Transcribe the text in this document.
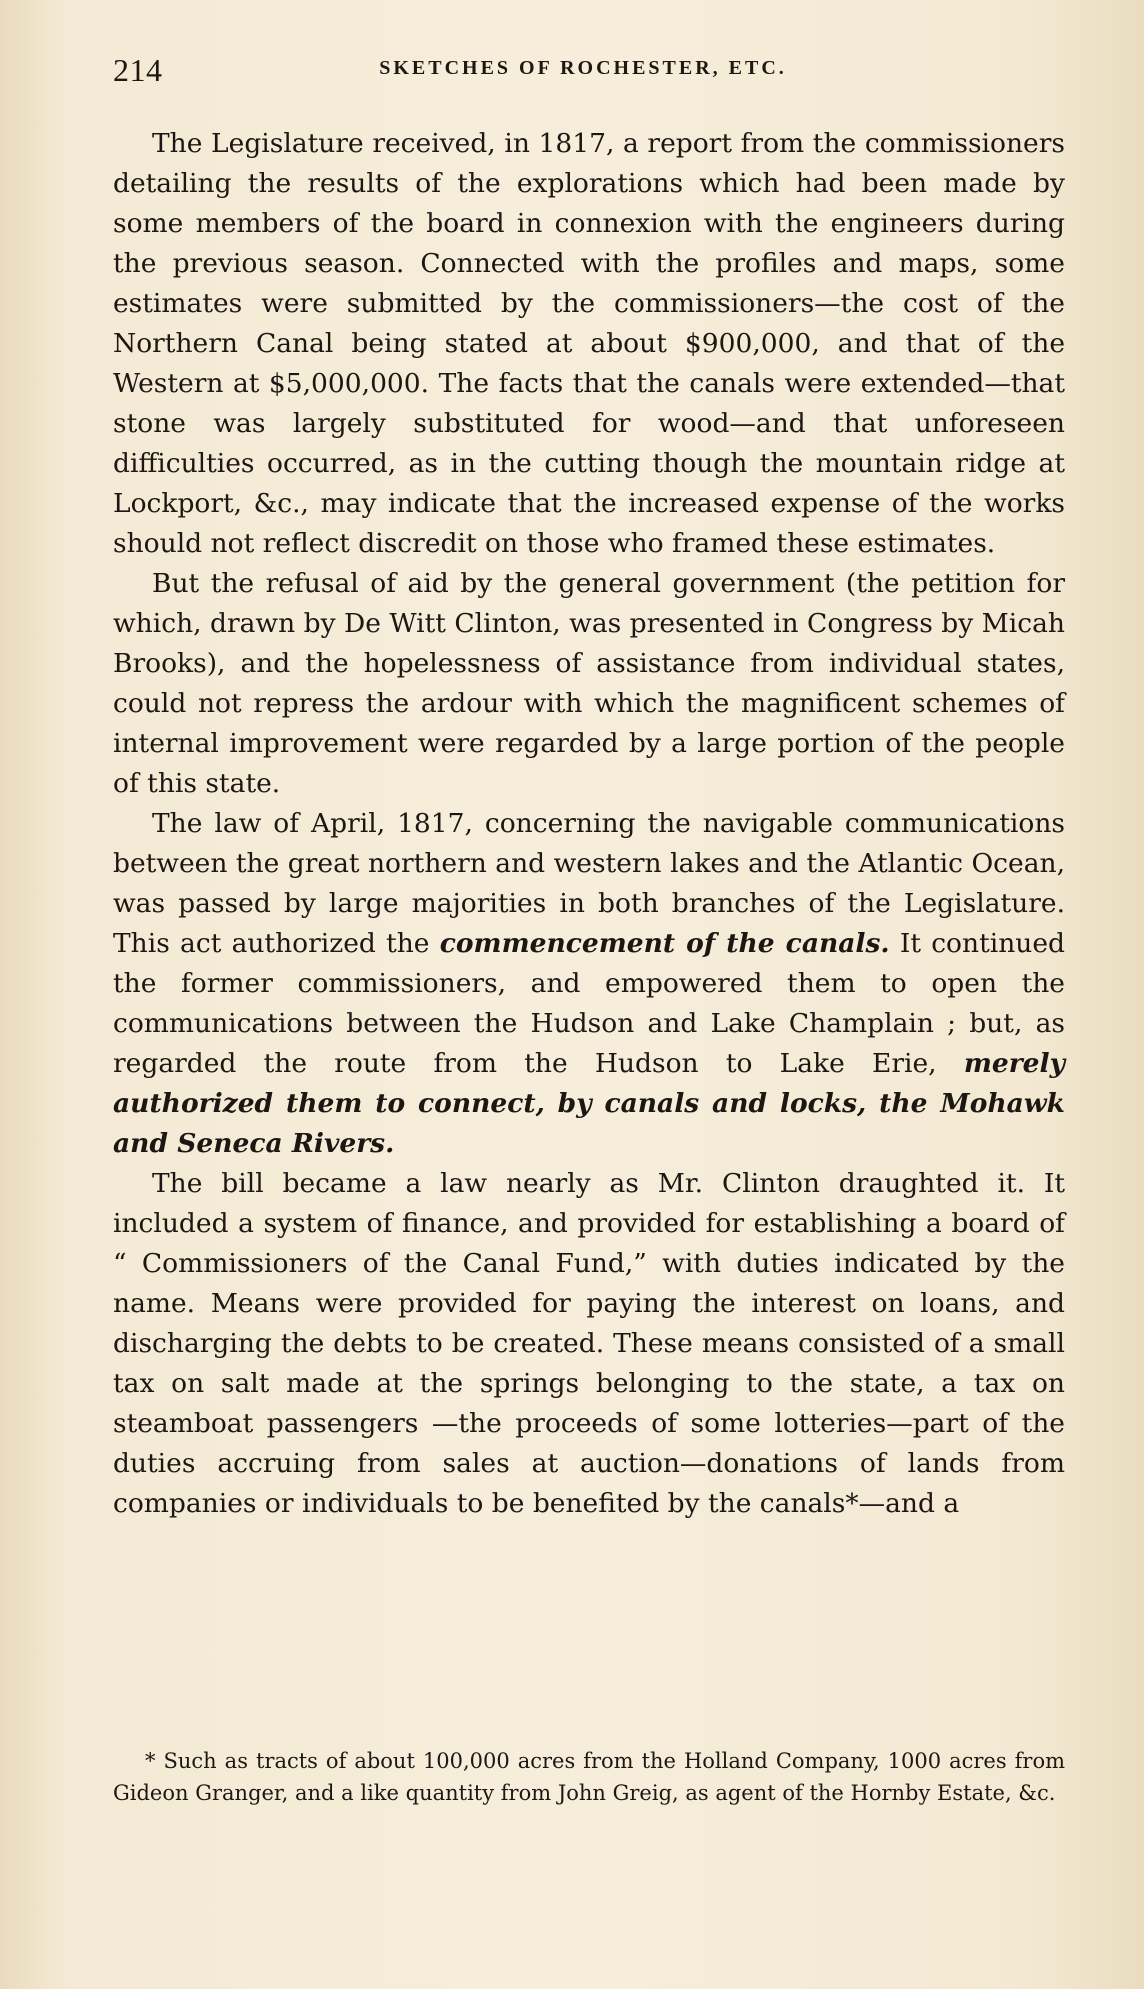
214	SKETCHES OF ROCHESTER, ETC.

The Legislature received, in 1817, a report from the commissioners detailing the results of the explorations which had been made by some members of the board in connexion with the engineers during the previous season. Connected with the profiles and maps, some estimates were submitted by the commissioners—the cost of the Northern Canal being stated at about $900,000, and that of the Western at $5,000,000. The facts that the canals were extended—that stone was largely substituted for wood—and that unforeseen difficulties occurred, as in the cutting though the mountain ridge at Lockport, &c., may indicate that the increased expense of the works should not reflect discredit on those who framed these estimates.

But the refusal of aid by the general government (the petition for which, drawn by De Witt Clinton, was presented in Congress by Micah Brooks), and the hopelessness of assistance from individual states, could not repress the ardour with which the magnificent schemes of internal improvement were regarded by a large portion of the people of this state.

The law of April, 1817, concerning the navigable communications between the great northern and western lakes and the Atlantic Ocean, was passed by large majorities in both branches of the Legislature. This act authorized the commencement of the canals. It continued the former commissioners, and empowered them to open the communications between the Hudson and Lake Champlain ; but, as regarded the route from the Hudson to Lake Erie, merely authorized them to connect, by canals and locks, the Mohawk and Seneca Rivers.

The bill became a law nearly as Mr. Clinton draughted it. It included a system of finance, and provided for establishing a board of “ Commissioners of the Canal Fund,” with duties indicated by the name. Means were provided for paying the interest on loans, and discharging the debts to be created. These means consisted of a small tax on salt made at the springs belonging to the state, a tax on steamboat passengers —the proceeds of some lotteries—part of the duties accruing from sales at auction—donations of lands from companies or individuals to be benefited by the canals*—and a

* Such as tracts of about 100,000 acres from the Holland Company, 1000 acres from Gideon Granger, and a like quantity from John Greig, as agent of the Hornby Estate, &c.
